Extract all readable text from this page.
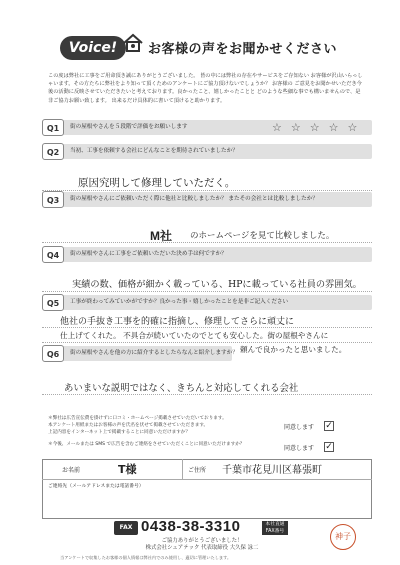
Voice!	お客様の声をお聞かせください
この度は弊社に工事をご用命頂き誠にありがとうございました。 皆の中には弊社の存在やサービスをご存知ない お客様が沢山いらっしゃいます。その方たちに弊社をより知って頂くためのアンケートにご協力頂けないでしょうか？ お客様の ご意見をお聞かせいただき今後の活動に反映させていただきたいと考えております。良かったこと、嬉しかったことと どのような些細な事でも構いませんので、是非ご協力お願い致します。 出来るだけ具体的に書いて頂けると助かります。
Q1	街の屋根やさんを５段階で評価をお願いします	☆☆☆☆☆
Q2	当初、工事を依頼する会社にどんなことを期待されていましたか？
原因究明して修理していただく。
Q3	街の屋根やさんにご依頼いただく際に他社と比較しましたか？ またその会社とは比較しましたか？
M社 のホームページを見て比較しました。
Q4	街の屋根やさんに工事をご依頼いただいた決め手は何ですか？
実績の数、価格が細かく載っている、HPに載っている社員の雰囲気。
Q5	工事が終わってみていかがですか？良かった事・嬉しかったことを是非ご記入ください
他社の手抜き工事を的確に指摘し、修理してさらに頑丈に
仕上げてくれた。 不具合が続いていたのでとても安心した。街の屋根やさんに
頼んで良かったと思いました。
Q6	街の屋根やさんを他の方に紹介するとしたらなんと紹介しますか？
あいまいな説明ではなく、きちんと対応してくれる会社
＊弊社は広告宣伝費を掛けずに口コミ・ホームページ掲載させていただいております。
本アンケート用紙またはお客様の声を氏名を伏せて掲載させていただきます。
上記内容をインターネット上で掲載することに同意いただけますか？
＊今後、メールまたは SMS で広告を含むご連絡をさせていただくことに同意いただけますか？
同意します ✓
同意します ✓
お名前	T様	ご住所 千葉市花見川区幕張町
ご連絡先（メールアドレスまたは電話番号）
FAX 0438-38-3310	本社直通
FAX番号
ご協力ありがとうございました！
株式会社シェアテック 代表取締役 大久保 詠二
当アンケートで収集したお客様の個人情報は弊社内でのみ使用し、適切に管理いたします。
神子
